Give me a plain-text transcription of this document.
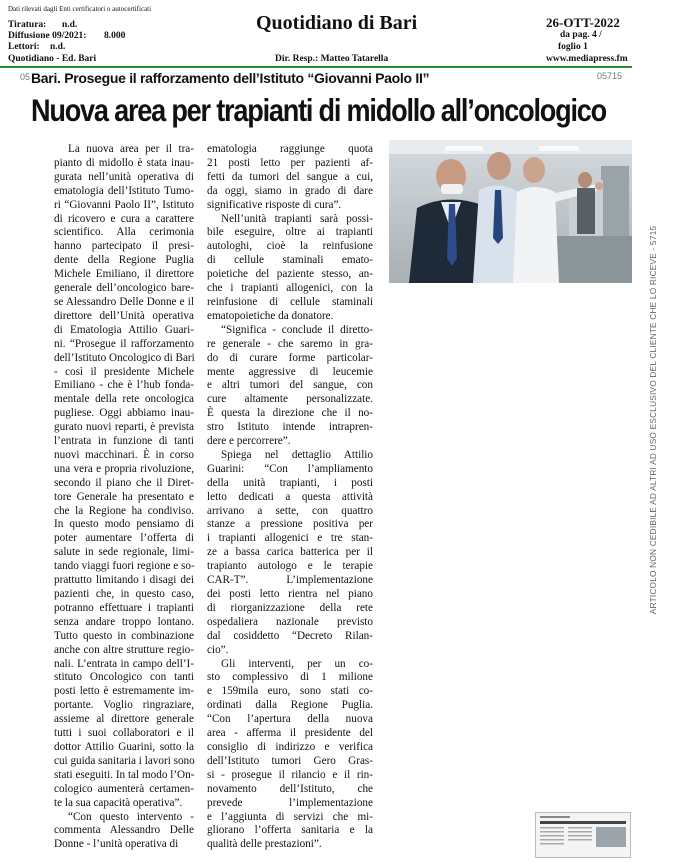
Dati rilevati dagli Enti certificatori o autocertificati
Tiratura: n.d.
Diffusione 09/2021: 8.000
Lettori: n.d.
Quotidiano - Ed. Bari
Quotidiano di Bari
Dir. Resp.: Matteo Tatarella
26-OTT-2022
da pag. 4 /
foglio 1
www.mediapress.fm
05 Bari. Prosegue il rafforzamento dell’Istituto “Giovanni Paolo II”	05715
Nuova area per trapianti di midollo all’oncologico
La nuova area per il tra-
pianto di midollo è stata inau-
gurata nell’unità operativa di
ematologia dell’Istituto Tumo-
ri “Giovanni Paolo II”, Istituto
di ricovero e cura a carattere
scientifico. Alla cerimonia
hanno partecipato il presi-
dente della Regione Puglia
Michele Emiliano, il direttore
generale dell’oncologico bare-
se Alessandro Delle Donne e il
direttore dell’Unità operativa
di Ematologia Attilio Guari-
ni. “Prosegue il rafforzamento
dell’Istituto Oncologico di Bari
- così il presidente Michele
Emiliano - che è l’hub fonda-
mentale della rete oncologica
pugliese. Oggi abbiamo inau-
gurato nuovi reparti, è prevista
l’entrata in funzione di tanti
nuovi macchinari. È in corso
una vera e propria rivoluzione,
secondo il piano che il Diret-
tore Generale ha presentato e
che la Regione ha condiviso.
In questo modo pensiamo di
poter aumentare l’offerta di
salute in sede regionale, limi-
tando viaggi fuori regione e so-
prattutto limitando i disagi dei
pazienti che, in questo caso,
potranno effettuare i trapianti
senza andare troppo lontano.
Tutto questo in combinazione
anche con altre strutture regio-
nali. L’entrata in campo dell’I-
stituto Oncologico con tanti
posti letto è estremamente im-
portante. Voglio ringraziare,
assieme al direttore generale
tutti i suoi collaboratori e il
dottor Attilio Guarini, sotto la
cui guida sanitaria i lavori sono
stati eseguiti. In tal modo l’On-
cologico aumenterà certamen-
te la sua capacità operativa”.
“Con questo intervento -
commenta Alessandro Delle
Donne - l’unità operativa di
ematologia raggiunge quota
21 posti letto per pazienti af-
fetti da tumori del sangue a cui,
da oggi, siamo in grado di dare
significative risposte di cura”.
Nell’unità trapianti sarà possi-
bile eseguire, oltre ai trapianti
autologhi, cioè la reinfusione
di cellule staminali emato-
poietiche del paziente stesso, an-
che i trapianti allogenici, con la
reinfusione di cellule staminali
ematopoietiche da donatore.
“Significa - conclude il diretto-
re generale - che saremo in gra-
do di curare forme particolar-
mente aggressive di leucemie
e altri tumori del sangue, con
cure altamente personalizzate.
È questa la direzione che il no-
stro Istituto intende intrapren-
dere e percorrere”.
Spiega nel dettaglio Attilio
Guarini: “Con l’ampliamento
della unità trapianti, i posti
letto dedicati a questa attività
arrivano a sette, con quattro
stanze a pressione positiva per
i trapianti allogenici e tre stan-
ze a bassa carica batterica per il
trapianto autologo e le terapie
CAR-T”. L’implementazione
dei posti letto rientra nel piano
di riorganizzazione della rete
ospedaliera nazionale previsto
dal cosiddetto “Decreto Rilan-
cio”.
Gli interventi, per un co-
sto complessivo di 1 milione
e 159mila euro, sono stati co-
ordinati dalla Regione Puglia.
“Con l’apertura della nuova
area - afferma il presidente del
consiglio di indirizzo e verifica
dell’Istituto tumori Gero Gras-
si - prosegue il rilancio e il rin-
novamento dell’Istituto, che
prevede l’implementazione
e l’aggiunta di servizi che mi-
gliorano l’offerta sanitaria e la
qualità delle prestazioni”.
ARTICOLO NON CEDIBILE AD ALTRI AD USO ESCLUSIVO DEL CLIENTE CHE LO RICEVE - 5715
